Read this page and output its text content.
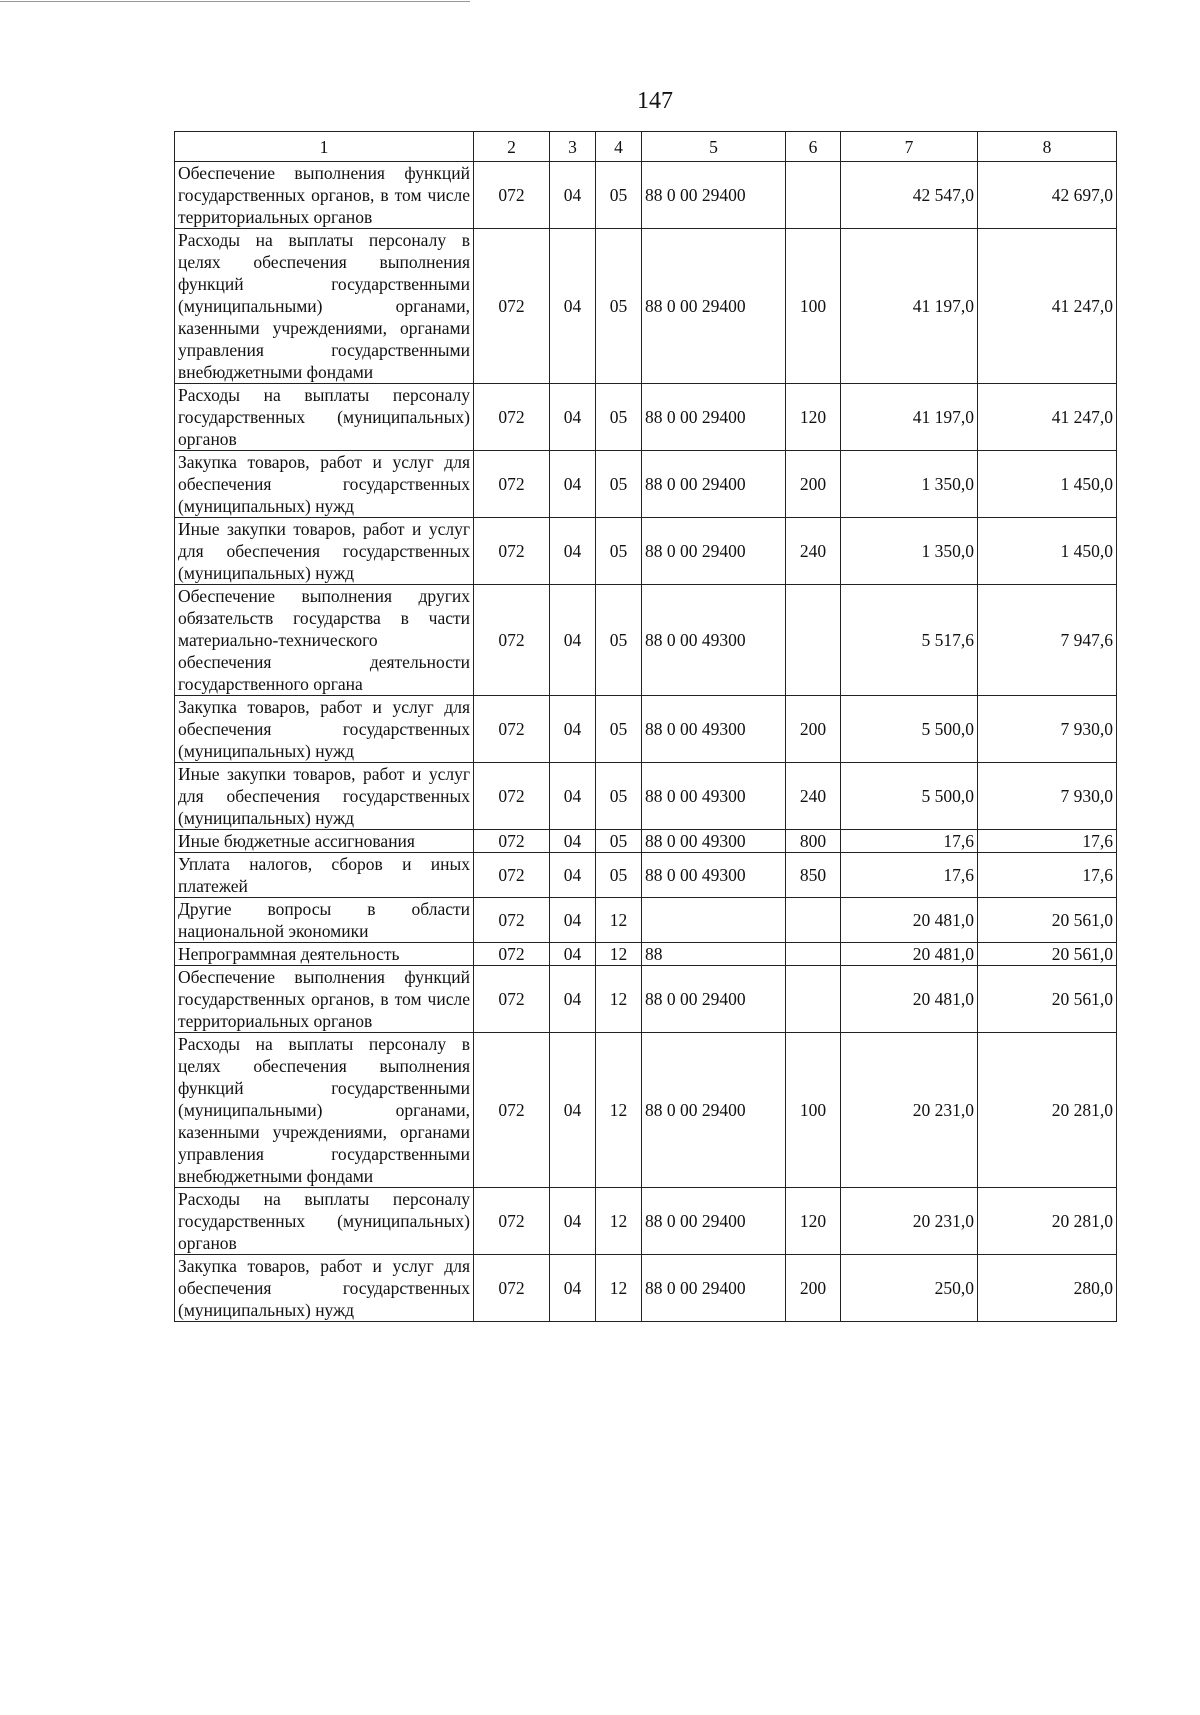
147
1	2	3	4	5	6	7	8
Обеспечение выполнения функций государственных органов, в том числе территориальных органов	072	04	05	88 0 00 29400		42 547,0	42 697,0
Расходы на выплаты персоналу в целях обеспечения выполнения функций государственными (муниципальными) органами, казенными учреждениями, органами управления государственными внебюджетными фондами	072	04	05	88 0 00 29400	100	41 197,0	41 247,0
Расходы на выплаты персоналу государственных (муниципальных) органов	072	04	05	88 0 00 29400	120	41 197,0	41 247,0
Закупка товаров, работ и услуг для обеспечения государственных (муниципальных) нужд	072	04	05	88 0 00 29400	200	1 350,0	1 450,0
Иные закупки товаров, работ и услуг для обеспечения государственных (муниципальных) нужд	072	04	05	88 0 00 29400	240	1 350,0	1 450,0
Обеспечение выполнения других обязательств государства в части материально-технического обеспечения деятельности государственного органа	072	04	05	88 0 00 49300		5 517,6	7 947,6
Закупка товаров, работ и услуг для обеспечения государственных (муниципальных) нужд	072	04	05	88 0 00 49300	200	5 500,0	7 930,0
Иные закупки товаров, работ и услуг для обеспечения государственных (муниципальных) нужд	072	04	05	88 0 00 49300	240	5 500,0	7 930,0
Иные бюджетные ассигнования	072	04	05	88 0 00 49300	800	17,6	17,6
Уплата налогов, сборов и иных платежей	072	04	05	88 0 00 49300	850	17,6	17,6
Другие вопросы в области национальной экономики	072	04	12			20 481,0	20 561,0
Непрограммная деятельность	072	04	12	88		20 481,0	20 561,0
Обеспечение выполнения функций государственных органов, в том числе территориальных органов	072	04	12	88 0 00 29400		20 481,0	20 561,0
Расходы на выплаты персоналу в целях обеспечения выполнения функций государственными (муниципальными) органами, казенными учреждениями, органами управления государственными внебюджетными фондами	072	04	12	88 0 00 29400	100	20 231,0	20 281,0
Расходы на выплаты персоналу государственных (муниципальных) органов	072	04	12	88 0 00 29400	120	20 231,0	20 281,0
Закупка товаров, работ и услуг для обеспечения государственных (муниципальных) нужд	072	04	12	88 0 00 29400	200	250,0	280,0
